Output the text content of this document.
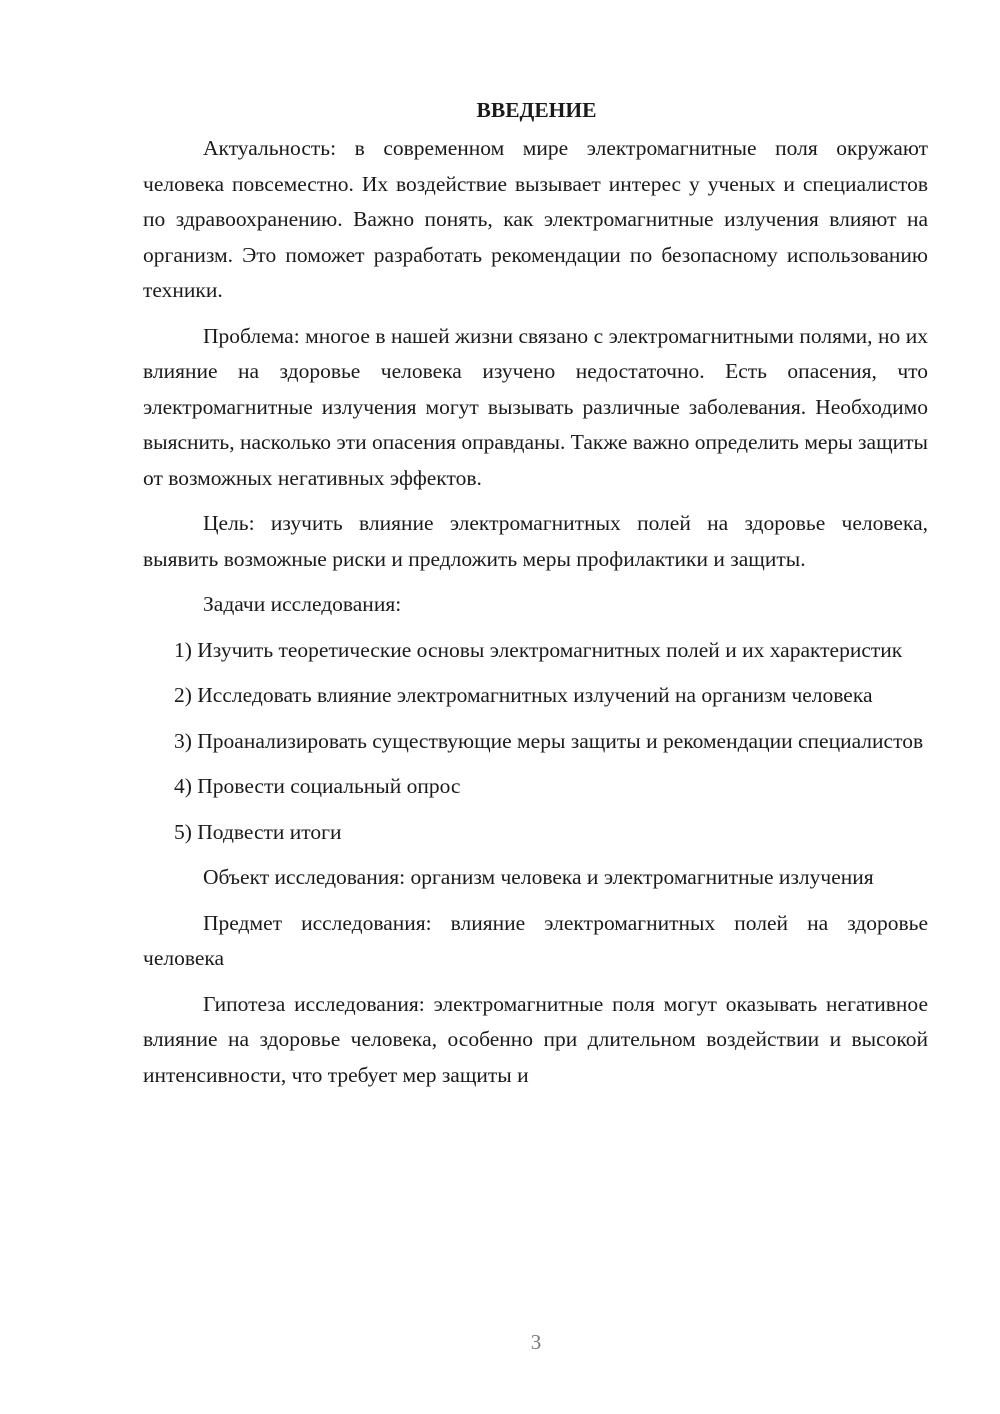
ВВЕДЕНИЕ

Актуальность: в современном мире электромагнитные поля окружают человека повсеместно. Их воздействие вызывает интерес у ученых и специалистов по здравоохранению. Важно понять, как электромагнитные излучения влияют на организм. Это поможет разработать рекомендации по безопасному использованию техники.

Проблема: многое в нашей жизни связано с электромагнитными полями, но их влияние на здоровье человека изучено недостаточно. Есть опасения, что электромагнитные излучения могут вызывать различные заболевания. Необходимо выяснить, насколько эти опасения оправданы. Также важно определить меры защиты от возможных негативных эффектов.

Цель: изучить влияние электромагнитных полей на здоровье человека, выявить возможные риски и предложить меры профилактики и защиты.

Задачи исследования:

1) Изучить теоретические основы электромагнитных полей и их характеристик

2) Исследовать влияние электромагнитных излучений на организм человека

3) Проанализировать существующие меры защиты и рекомендации специалистов

4) Провести социальный опрос

5) Подвести итоги

Объект исследования: организм человека и электромагнитные излучения

Предмет исследования: влияние электромагнитных полей на здоровье человека

Гипотеза исследования: электромагнитные поля могут оказывать негативное влияние на здоровье человека, особенно при длительном воздействии и высокой интенсивности, что требует мер защиты и

3
